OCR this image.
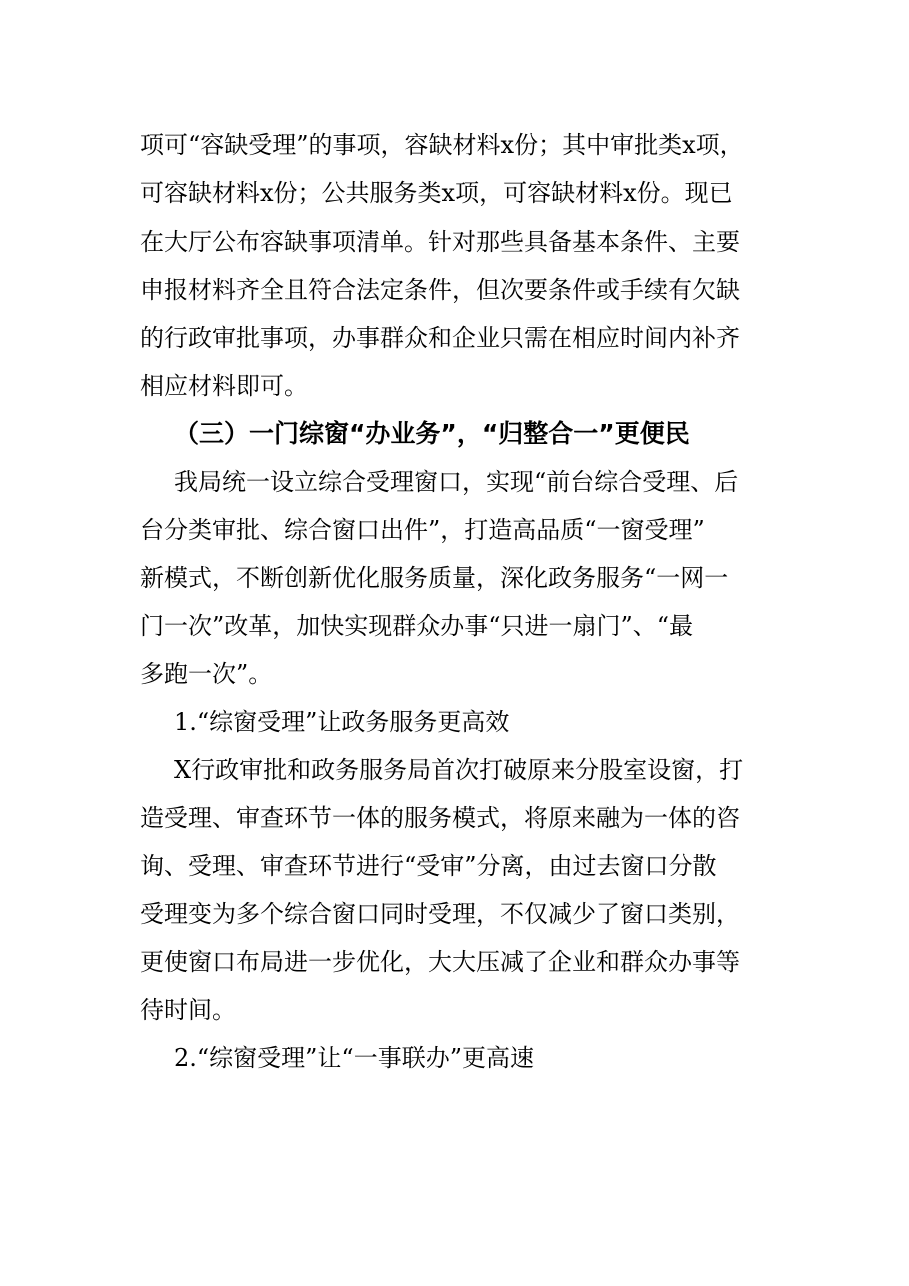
项可“容缺受理”的事项，容缺材料x份；其中审批类x项，
可容缺材料x份；公共服务类x项，可容缺材料x份。现已
在大厅公布容缺事项清单。针对那些具备基本条件、主要
申报材料齐全且符合法定条件，但次要条件或手续有欠缺
的行政审批事项，办事群众和企业只需在相应时间内补齐
相应材料即可。
（三）一门综窗“办业务”，“归整合一”更便民
我局统一设立综合受理窗口，实现“前台综合受理、后
台分类审批、综合窗口出件”，打造高品质“一窗受理”
新模式，不断创新优化服务质量，深化政务服务“一网一
门一次”改革，加快实现群众办事“只进一扇门”、“最
多跑一次”。
1.“综窗受理”让政务服务更高效
X行政审批和政务服务局首次打破原来分股室设窗，打
造受理、审查环节一体的服务模式，将原来融为一体的咨
询、受理、审查环节进行“受审”分离，由过去窗口分散
受理变为多个综合窗口同时受理，不仅减少了窗口类别，
更使窗口布局进一步优化，大大压减了企业和群众办事等
待时间。
2.“综窗受理”让“一事联办”更高速
